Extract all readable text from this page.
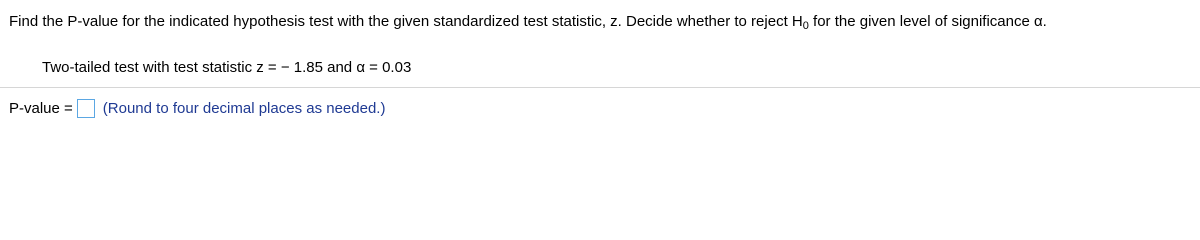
Find the P-value for the indicated hypothesis test with the given standardized test statistic, z. Decide whether to reject $H_0$ for the given level of significance α.
Two-tailed test with test statistic z = − 1.85 and α = 0.03
P-value = (Round to four decimal places as needed.)
